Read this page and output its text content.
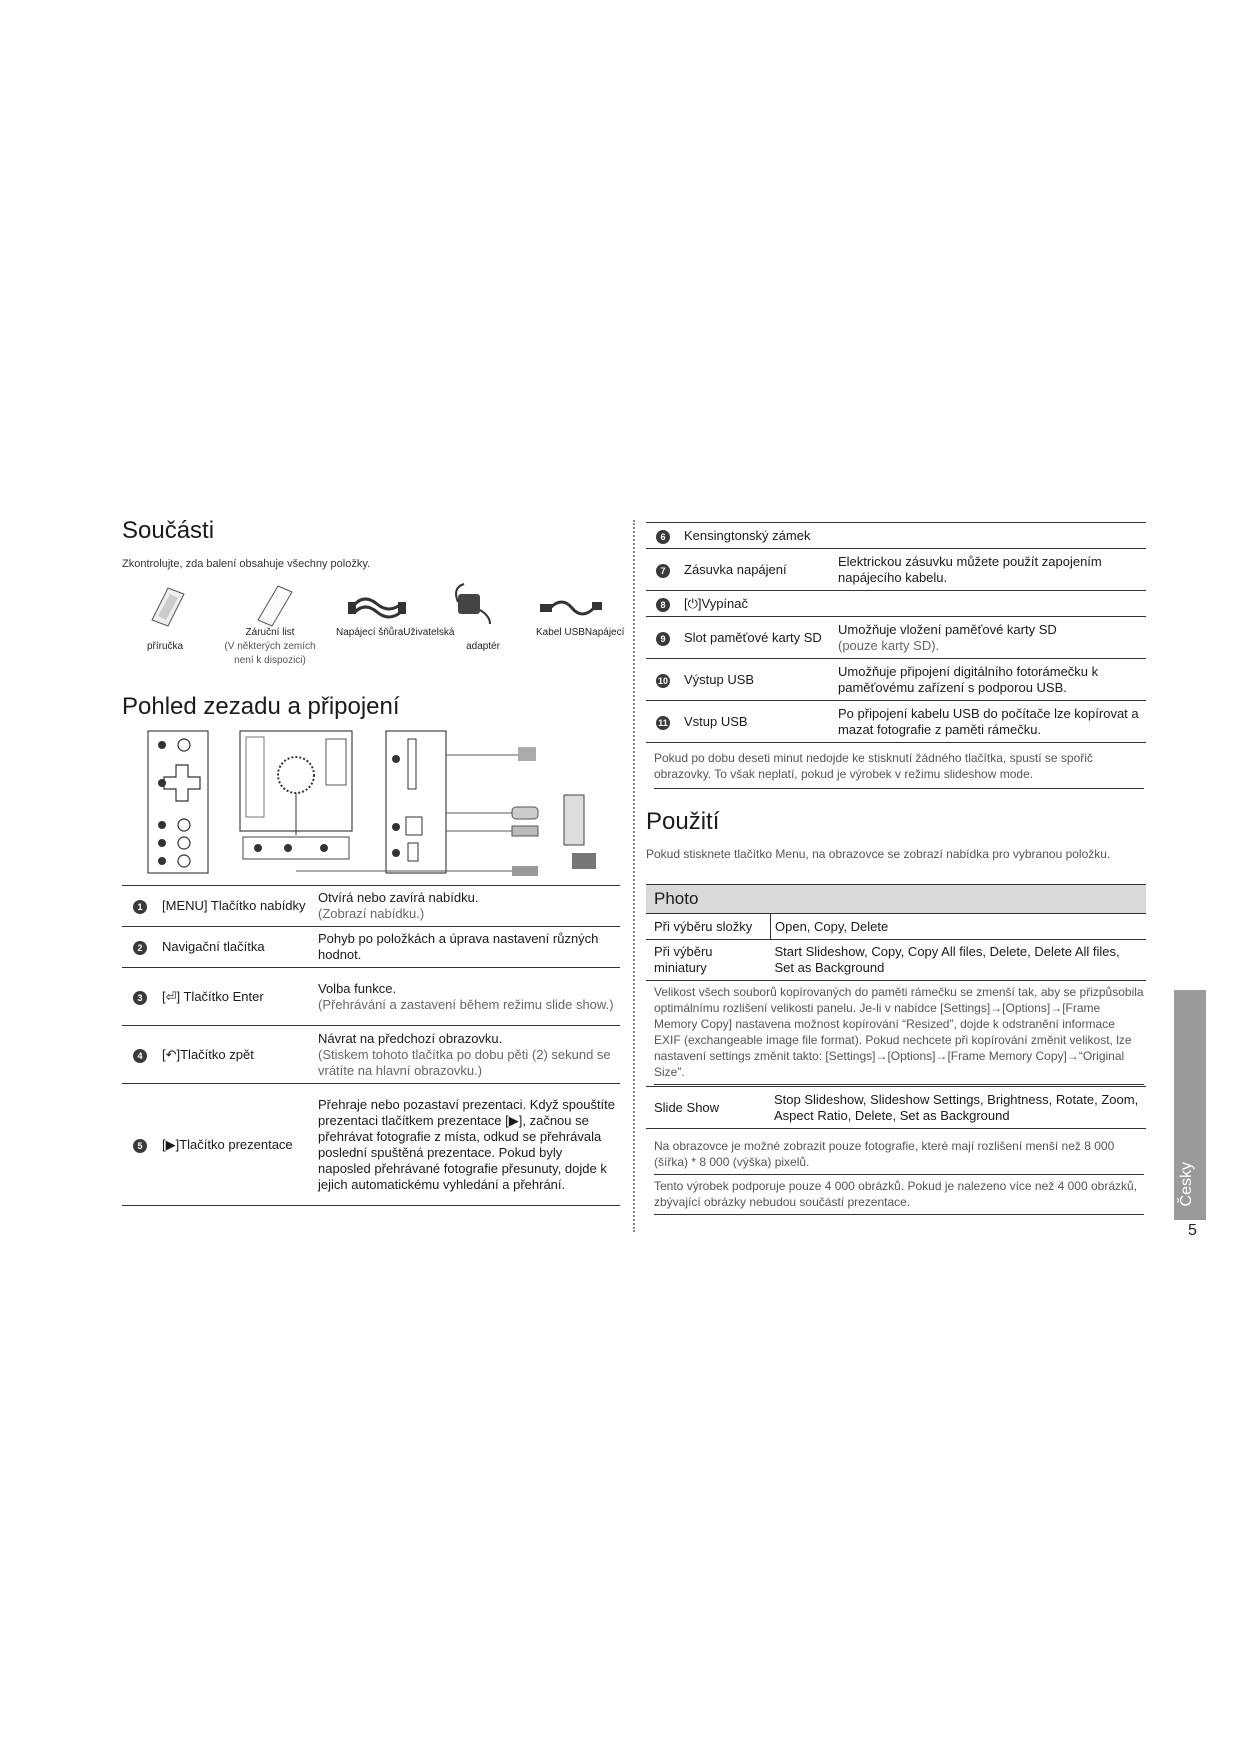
Součásti
Zkontrolujte, zda balení obsahuje všechny položky.
příručka
Záruční list
(V některých zemích není k dispozici)
Napájecí šňůraUživatelská
adaptér
Kabel USBNapájecí
Pohled zezadu a připojení
1	[MENU] Tlačítko nabídky	Otvírá nebo zavírá nabídku.
(Zobrazí nabídku.)

2	Navigační tlačítka	Pohyb po položkách a úprava nastavení různých hodnot.

3	[⏎] Tlačítko Enter	Volba funkce.
(Přehrávání a zastavení během režimu slide show.)

4	[↶]Tlačítko zpět	Návrat na předchozí obrazovku.
(Stiskem tohoto tlačítka po dobu pěti (2) sekund se vrátíte na hlavní obrazovku.)

5	[▶]Tlačítko prezentace	Přehraje nebo pozastaví prezentaci. Když spouštíte prezentaci tlačítkem prezentace [▶], začnou se přehrávat fotografie z místa, odkud se přehrávala poslední spuštěná prezentace. Pokud byly naposled přehrávané fotografie přesunuty, dojde k jejich automatickému vyhledání a přehrání.
6	Kensingtonský zámek	
7	Zásuvka napájení	Elektrickou zásuvku můžete použít zapojením napájecího kabelu.
8	[⏻]Vypínač	
9	Slot paměťové karty SD	Umožňuje vložení paměťové karty SD
(pouze karty SD).

10	Výstup USB	Umožňuje připojení digitálního fotorámečku k paměťovému zařízení s podporou USB.
11	Vstup USB	Po připojení kabelu USB do počítače lze kopírovat a mazat fotografie z paměti rámečku.
Pokud po dobu deseti minut nedojde ke stisknutí žádného tlačítka, spustí se spořič obrazovky. To však neplatí, pokud je výrobek v režimu slideshow mode.
Použití
Pokud stisknete tlačítko Menu, na obrazovce se zobrazí nabídka pro vybranou položku.
Photo
Při výběru složky	Open, Copy, Delete
Při výběru miniatury	Start Slideshow, Copy, Copy All files, Delete, Delete All files, Set as Background
Velikost všech souborů kopírovaných do paměti rámečku se zmenší tak, aby se přizpůsobila optimálnímu rozlišení velikosti panelu. Je-li v nabídce [Settings]→[Options]→[Frame Memory Copy] nastavena možnost kopírování “Resized”, dojde k odstranění informace EXIF (exchangeable image file format). Pokud nechcete při kopírování změnit velikost, lze nastavení settings změnit takto: [Settings]→[Options]→[Frame Memory Copy]→“Original Size”.
Slide Show	Stop Slideshow, Slideshow Settings, Brightness, Rotate, Zoom, Aspect Ratio, Delete, Set as Background
Na obrazovce je možné zobrazit pouze fotografie, které mají rozlišení menší než 8 000 (šířka) * 8 000 (výška) pixelů.
Tento výrobek podporuje pouze 4 000 obrázků. Pokud je nalezeno více než 4 000 obrázků, zbývající obrázky nebudou součástí prezentace.	Česky
5
